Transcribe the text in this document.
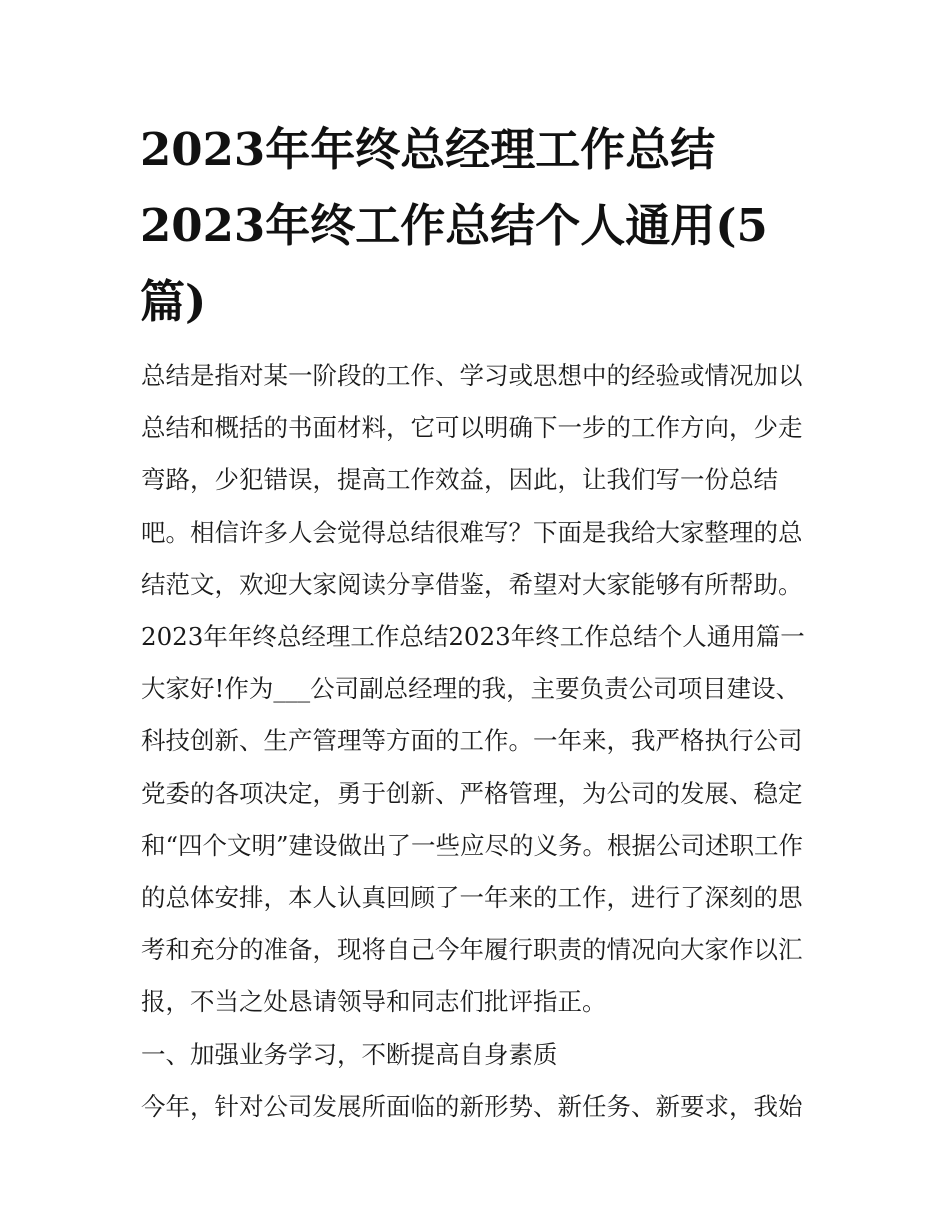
2023年年终总经理工作总结
2023年终工作总结个人通用(5
篇)

总结是指对某一阶段的工作、学习或思想中的经验或情况加以

总结和概括的书面材料，它可以明确下一步的工作方向，少走

弯路，少犯错误，提高工作效益，因此，让我们写一份总结

吧。相信许多人会觉得总结很难写？下面是我给大家整理的总

结范文，欢迎大家阅读分享借鉴，希望对大家能够有所帮助。

2023年年终总经理工作总结2023年终工作总结个人通用篇一

大家好!作为___公司副总经理的我，主要负责公司项目建设、

科技创新、生产管理等方面的工作。一年来，我严格执行公司

党委的各项决定，勇于创新、严格管理，为公司的发展、稳定

和“四个文明”建设做出了一些应尽的义务。根据公司述职工作

的总体安排，本人认真回顾了一年来的工作，进行了深刻的思

考和充分的准备，现将自己今年履行职责的情况向大家作以汇

报，不当之处恳请领导和同志们批评指正。

一、加强业务学习，不断提高自身素质

今年，针对公司发展所面临的新形势、新任务、新要求，我始
